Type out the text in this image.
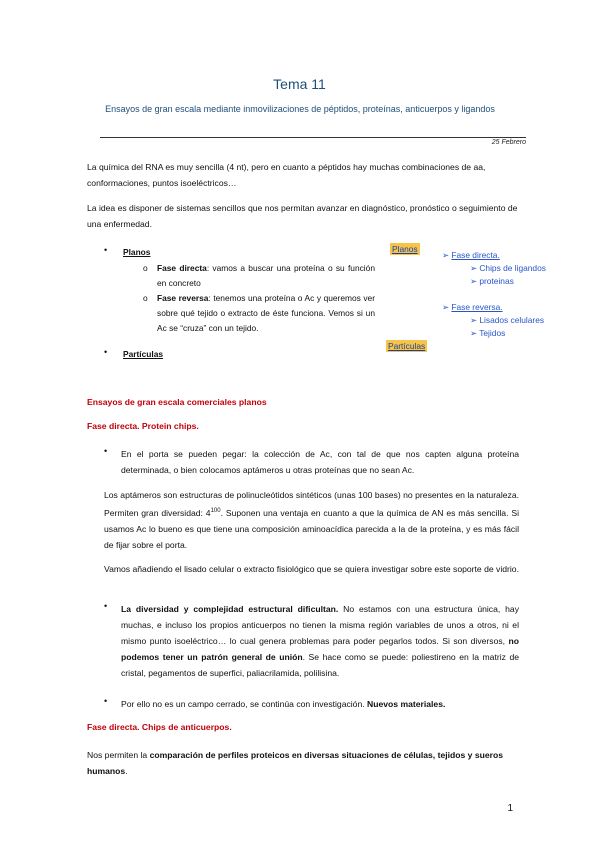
Tema 11
Ensayos de gran escala mediante inmovilizaciones de péptidos, proteínas, anticuerpos y ligandos
25 Febrero
La química del RNA es muy sencilla (4 nt), pero en cuanto a péptidos hay muchas combinaciones de aa, conformaciones, puntos isoeléctricos…
La idea es disponer de sistemas sencillos que nos permitan avanzar en diagnóstico, pronóstico o seguimiento de una enfermedad.
• Planos
o Fase directa: vamos a buscar una proteína o su función en concreto
o Fase reversa: tenemos una proteína o Ac y queremos ver sobre qué tejido o extracto de éste funciona. Vemos si un Ac se “cruza” con un tejido.
• Partículas
Planos
Partículas
➢ Fase directa.
➢ Chips de ligandos
➢ proteinas
➢ Fase reversa.
➢ Lisados celulares
➢ Tejidos
Ensayos de gran escala comerciales planos
Fase directa. Protein chips.
• En el porta se pueden pegar: la colección de Ac, con tal de que nos capten alguna proteína determinada, o bien colocamos aptámeros u otras proteínas que no sean Ac.
Los aptámeros son estructuras de polinucleótidos sintéticos (unas 100 bases) no presentes en la naturaleza. Permiten gran diversidad: $4^{100}$. Suponen una ventaja en cuanto a que la química de AN es más sencilla. Si usamos Ac lo bueno es que tiene una composición aminoacídica parecida a la de la proteína, y es más fácil de fijar sobre el porta.
Vamos añadiendo el lisado celular o extracto fisiológico que se quiera investigar sobre este soporte de vidrio.
• La diversidad y complejidad estructural dificultan. No estamos con una estructura única, hay muchas, e incluso los propios anticuerpos no tienen la misma región variables de unos a otros, ni el mismo punto isoeléctrico… lo cual genera problemas para poder pegarlos todos. Si son diversos, no podemos tener un patrón general de unión. Se hace como se puede: poliestireno en la matriz de cristal, pegamentos de superfici, paliacrilamida, polilisina.
• Por ello no es un campo cerrado, se continúa con investigación. Nuevos materiales.
Fase directa. Chips de anticuerpos.
Nos permiten la comparación de perfiles proteicos en diversas situaciones de células, tejidos y sueros humanos.
1
